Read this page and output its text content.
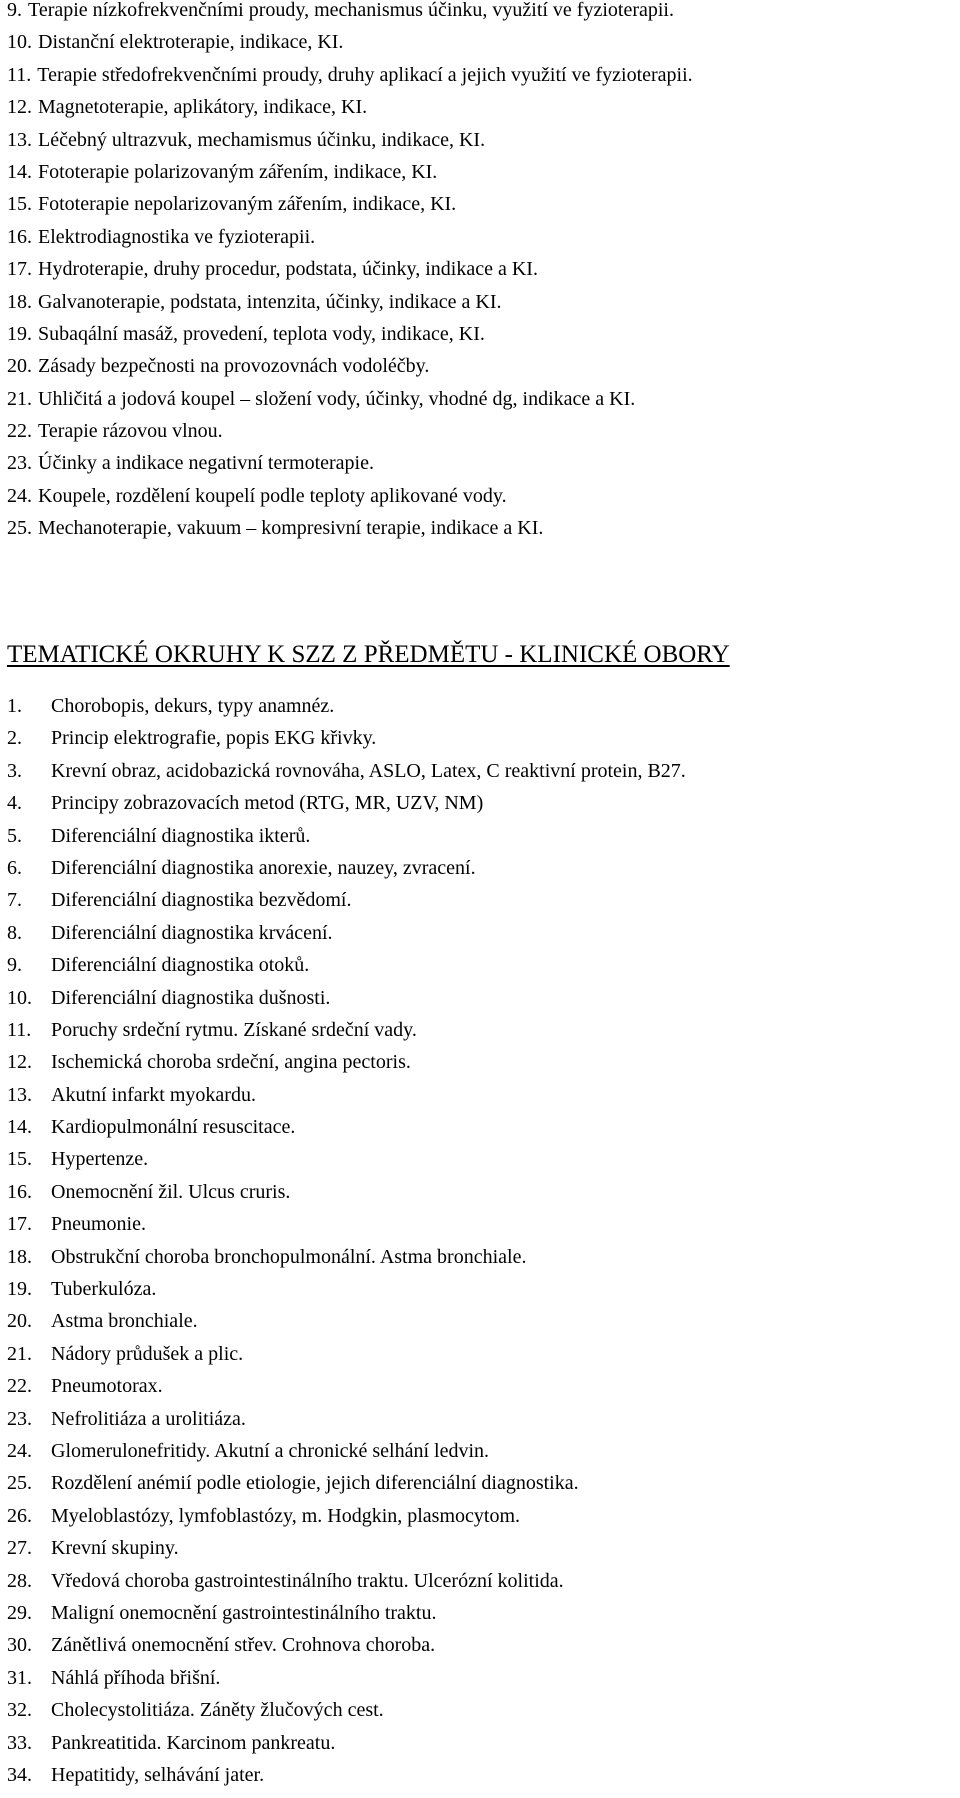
9. Terapie nízkofrekvenčními proudy, mechanismus účinku, využití ve fyzioterapii.
10. Distanční elektroterapie, indikace, KI.
11. Terapie středofrekvenčními proudy, druhy aplikací a jejich využití ve fyzioterapii.
12. Magnetoterapie, aplikátory, indikace, KI.
13. Léčebný ultrazvuk, mechamismus účinku, indikace, KI.
14. Fototerapie polarizovaným zářením, indikace, KI.
15. Fototerapie nepolarizovaným zářením, indikace, KI.
16. Elektrodiagnostika ve fyzioterapii.
17. Hydroterapie, druhy procedur, podstata, účinky, indikace a KI.
18. Galvanoterapie, podstata, intenzita, účinky, indikace a KI.
19. Subaqální masáž, provedení, teplota vody, indikace, KI.
20. Zásady bezpečnosti na provozovnách vodoléčby.
21. Uhličitá a jodová koupel – složení vody, účinky, vhodné dg, indikace a KI.
22. Terapie rázovou vlnou.
23. Účinky a indikace negativní termoterapie.
24. Koupele, rozdělení koupelí podle teploty aplikované vody.
25. Mechanoterapie, vakuum – kompresivní terapie, indikace a KI.
TEMATICKÉ OKRUHY K SZZ Z PŘEDMĚTU - KLINICKÉ OBORY
1.	Chorobopis, dekurs, typy anamnéz.
2.	Princip elektrografie, popis EKG křivky.
3.	Krevní obraz, acidobazická rovnováha, ASLO, Latex, C reaktivní protein, B27.
4.	Principy zobrazovacích metod (RTG, MR, UZV, NM)
5.	Diferenciální diagnostika ikterů.
6.	Diferenciální diagnostika anorexie, nauzey, zvracení.
7.	Diferenciální diagnostika bezvědomí.
8.	Diferenciální diagnostika krvácení.
9.	Diferenciální diagnostika otoků.
10. Diferenciální diagnostika dušnosti.
11. Poruchy srdeční rytmu. Získané srdeční vady.
12. Ischemická choroba srdeční, angina pectoris.
13. Akutní infarkt myokardu.
14. Kardiopulmonální resuscitace.
15. Hypertenze.
16. Onemocnění žil. Ulcus cruris.
17. Pneumonie.
18. Obstrukční choroba bronchopulmonální. Astma bronchiale.
19. Tuberkulóza.
20. Astma bronchiale.
21. Nádory průdušek a plic.
22. Pneumotorax.
23. Nefrolitiáza a urolitiáza.
24. Glomerulonefritidy. Akutní a chronické selhání ledvin.
25. Rozdělení anémií podle etiologie, jejich diferenciální diagnostika.
26. Myeloblastózy, lymfoblastózy, m. Hodgkin, plasmocytom.
27. Krevní skupiny.
28. Vředová choroba gastrointestinálního traktu. Ulcerózní kolitida.
29. Maligní onemocnění gastrointestinálního traktu.
30. Zánětlivá onemocnění střev. Crohnova choroba.
31. Náhlá příhoda břišní.
32. Cholecystolitiáza. Záněty žlučových cest.
33. Pankreatitida. Karcinom pankreatu.
34. Hepatitidy, selhávání jater.
